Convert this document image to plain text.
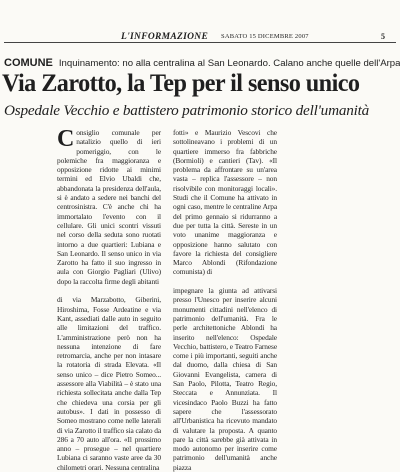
L'INFORMAZIONE	SABATO 15 DICEMBRE 2007	5
COMUNE Inquinamento: no alla centralina al San Leonardo. Calano anche quelle dell'Arpa
Via Zarotto, la Tep per il senso unico
Ospedale Vecchio e battistero patrimonio storico dell'umanità

Consiglio comunale per natalizio quello di ieri pomeriggio, con le polemiche fra maggioranza e opposizione ridotte ai minimi termini ed Elvio Ubaldi che, abbandonata la presidenza dell'aula, si è andato a sedere nei banchi del centrosinistra. C'è anche chi ha immortalato l'evento con il cellulare. Gli unici scontri vissuti nel corso della seduta sono ruotati intorno a due quartieri: Lubiana e San Leonardo. Il senso unico in via Zarotto ha fatto il suo ingresso in aula con Giorgio Pagliari (Ulivo) dopo la raccolta firme degli abitanti

di via Marzabotto, Giberini, Hiroshima, Fosse Ardeatine e via Kant, assediati dalle auto in seguito alle limitazioni del traffico. L'amministrazione però non ha nessuna intenzione di fare retromarcia, anche per non intasare la rotatoria di strada Elevata. «Il senso unico – dice Pietro Someo... assessore alla Viabilità – è stato una richiesta sollecitata anche dalla Tep che chiedeva una corsia per gli autobus». I dati in possesso di Someo mostrano come nelle laterali di via Zarotto il traffico sia calato da 286 a 70 auto all'ora. «Il prossimo anno – prosegue – nel quartiere Lubiana ci saranno vaste aree da 30 chilometri orari. Nessuna centralina

fotti» e Maurizio Vescovi che sottolineavano i problemi di un quartiere immerso fra fabbriche (Bormioli) e cantieri (Tav). «Il problema da affrontare su un'area vasta – replica l'assessore – non risolvibile con monitoraggi locali». Studi che il Comune ha attivato in ogni caso, mentre le centraline Arpa del primo gennaio si ridurranno a due per tutta la città. Sereste in un voto unanime maggioranza e opposizione hanno salutato con favore la richiesta del consigliere Marco Ablondi (Rifondazione comunista) di

impegnare la giunta ad attivarsi presso l'Unesco per inserire alcuni monumenti cittadini nell'elenco di patrimonio dell'umanità. Fra le perle architettoniche Ablondi ha inserito nell'elenco: Ospedale Vecchio, battistero, e Teatro Farnese come i più importanti, seguiti anche dal duomo, dalla chiesa di San Giovanni Evangelista, camera di San Paolo, Pilotta, Teatro Regio, Steccata e Annunziata. Il vicesindaco Paolo Buzzi ha fatto sapere che l'assessorato all'Urbanistica ha ricevuto mandato di valutare la proposta. A quanto pare la città sarebbe già attivata in modo autonomo per inserire come patrimonio dell'umanità anche piazza
